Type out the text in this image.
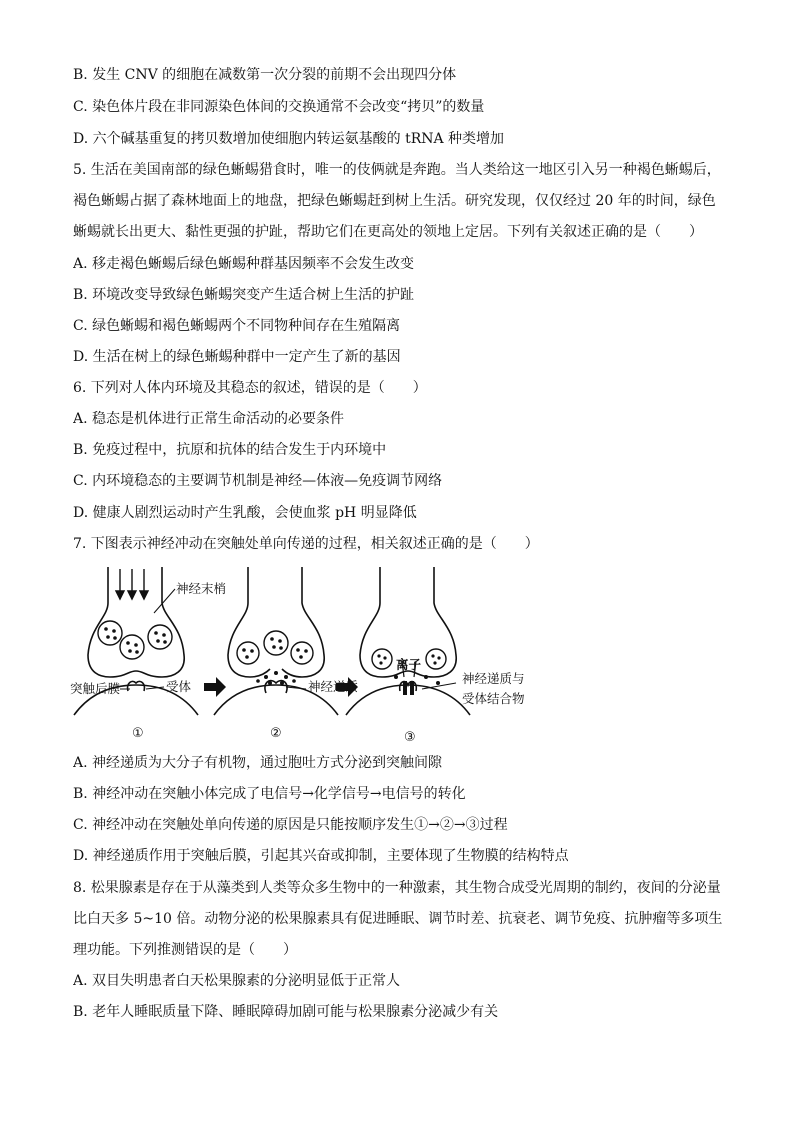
B. 发生 CNV 的细胞在减数第一次分裂的前期不会出现四分体
C. 染色体片段在非同源染色体间的交换通常不会改变“拷贝”的数量
D. 六个碱基重复的拷贝数增加使细胞内转运氨基酸的 tRNA 种类增加
5. 生活在美国南部的绿色蜥蜴猎食时，唯一的伎俩就是奔跑。当人类给这一地区引入另一种褐色蜥蜴后，
褐色蜥蜴占据了森林地面上的地盘，把绿色蜥蜴赶到树上生活。研究发现，仅仅经过 20 年的时间，绿色
蜥蜴就长出更大、黏性更强的护趾，帮助它们在更高处的领地上定居。下列有关叙述正确的是（　　）
A. 移走褐色蜥蜴后绿色蜥蜴种群基因频率不会发生改变
B. 环境改变导致绿色蜥蜴突变产生适合树上生活的护趾
C. 绿色蜥蜴和褐色蜥蜴两个不同物种间存在生殖隔离
D. 生活在树上的绿色蜥蜴种群中一定产生了新的基因
6. 下列对人体内环境及其稳态的叙述，错误的是（　　）
A. 稳态是机体进行正常生命活动的必要条件
B. 免疫过程中，抗原和抗体的结合发生于内环境中
C. 内环境稳态的主要调节机制是神经—体液—免疫调节网络
D. 健康人剧烈运动时产生乳酸，会使血浆 pH 明显降低
7. 下图表示神经冲动在突触处单向传递的过程，相关叙述正确的是（　　）
神经末梢
突触后膜	受体	神经递质
离子
神经递质与
受体结合物
①	②	③
A. 神经递质为大分子有机物，通过胞吐方式分泌到突触间隙
B. 神经冲动在突触小体完成了电信号→化学信号→电信号的转化
C. 神经冲动在突触处单向传递的原因是只能按顺序发生①→②→③过程
D. 神经递质作用于突触后膜，引起其兴奋或抑制，主要体现了生物膜的结构特点
8. 松果腺素是存在于从藻类到人类等众多生物中的一种激素，其生物合成受光周期的制约，夜间的分泌量
比白天多 5~10 倍。动物分泌的松果腺素具有促进睡眠、调节时差、抗衰老、调节免疫、抗肿瘤等多项生
理功能。下列推测错误的是（　　）
A. 双目失明患者白天松果腺素的分泌明显低于正常人
B. 老年人睡眠质量下降、睡眠障碍加剧可能与松果腺素分泌减少有关
